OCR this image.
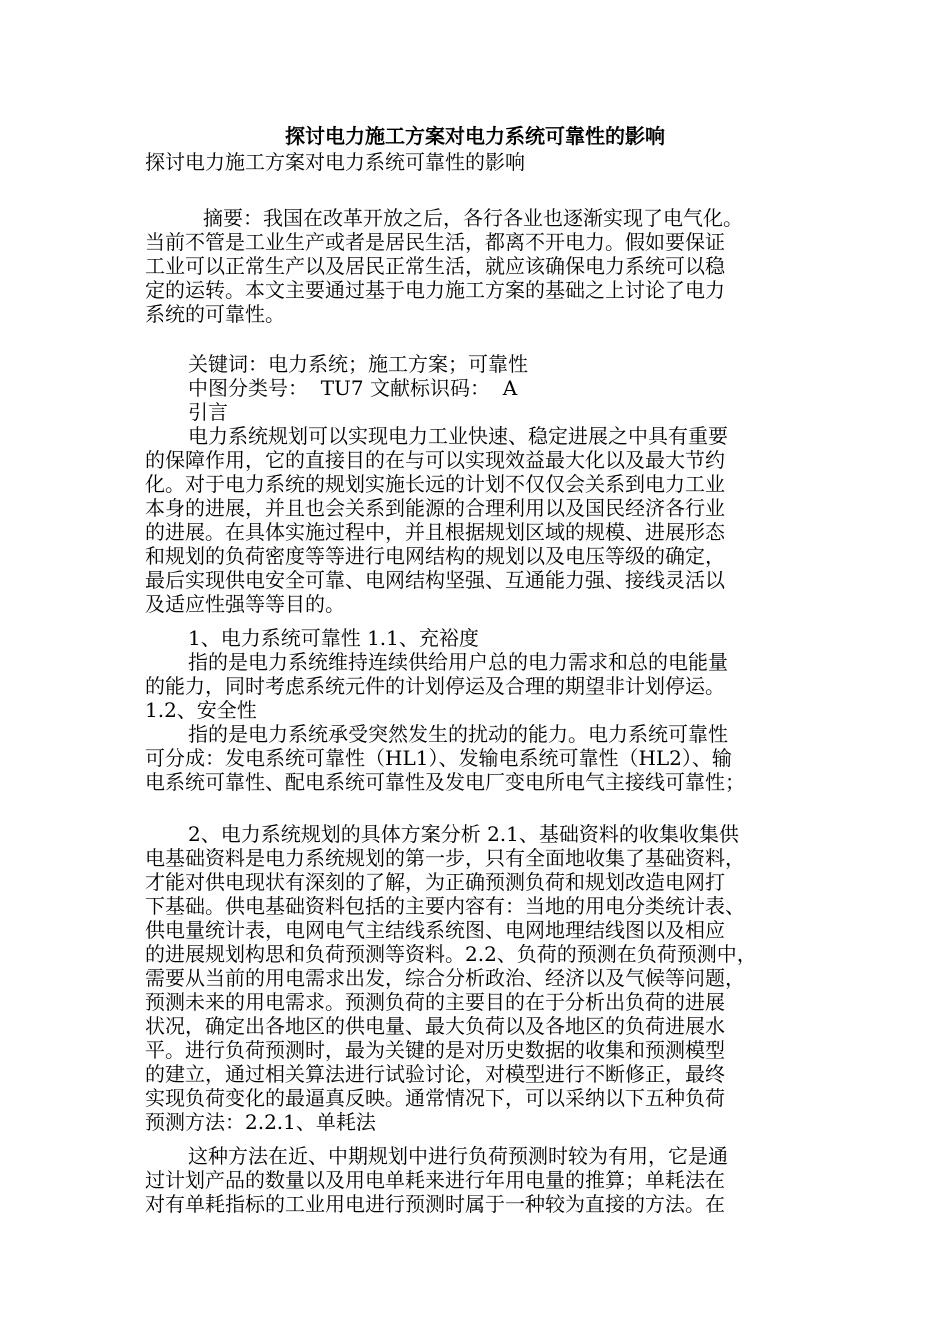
探讨电力施工方案对电力系统可靠性的影响
探讨电力施工方案对电力系统可靠性的影响
摘要：我国在改革开放之后，各行各业也逐渐实现了电气化。
当前不管是工业生产或者是居民生活，都离不开电力。假如要保证
工业可以正常生产以及居民正常生活，就应该确保电力系统可以稳
定的运转。本文主要通过基于电力施工方案的基础之上讨论了电力
系统的可靠性。
关键词：电力系统；施工方案；可靠性
中图分类号：  TU7 文献标识码：  A
引言
电力系统规划可以实现电力工业快速、稳定进展之中具有重要
的保障作用，它的直接目的在与可以实现效益最大化以及最大节约
化。对于电力系统的规划实施长远的计划不仅仅会关系到电力工业
本身的进展，并且也会关系到能源的合理利用以及国民经济各行业
的进展。在具体实施过程中，并且根据规划区域的规模、进展形态
和规划的负荷密度等等进行电网结构的规划以及电压等级的确定，
最后实现供电安全可靠、电网结构坚强、互通能力强、接线灵活以
及适应性强等等目的。
1、电力系统可靠性 1.1、充裕度
指的是电力系统维持连续供给用户总的电力需求和总的电能量
的能力，同时考虑系统元件的计划停运及合理的期望非计划停运。
1.2、安全性
指的是电力系统承受突然发生的扰动的能力。电力系统可靠性
可分成：发电系统可靠性（HL1）、发输电系统可靠性（HL2）、输
电系统可靠性、配电系统可靠性及发电厂变电所电气主接线可靠性；
2、电力系统规划的具体方案分析 2.1、基础资料的收集收集供
电基础资料是电力系统规划的第一步，只有全面地收集了基础资料，
才能对供电现状有深刻的了解，为正确预测负荷和规划改造电网打
下基础。供电基础资料包括的主要内容有：当地的用电分类统计表、
供电量统计表，电网电气主结线系统图、电网地理结线图以及相应
的进展规划构思和负荷预测等资料。2.2、负荷的预测在负荷预测中，
需要从当前的用电需求出发，综合分析政治、经济以及气候等问题，
预测未来的用电需求。预测负荷的主要目的在于分析出负荷的进展
状况，确定出各地区的供电量、最大负荷以及各地区的负荷进展水
平。进行负荷预测时，最为关键的是对历史数据的收集和预测模型
的建立，通过相关算法进行试验讨论，对模型进行不断修正，最终
实现负荷变化的最逼真反映。通常情况下，可以采纳以下五种负荷
预测方法：2.2.1、单耗法
这种方法在近、中期规划中进行负荷预测时较为有用，它是通
过计划产品的数量以及用电单耗来进行年用电量的推算；单耗法在
对有单耗指标的工业用电进行预测时属于一种较为直接的方法。在
